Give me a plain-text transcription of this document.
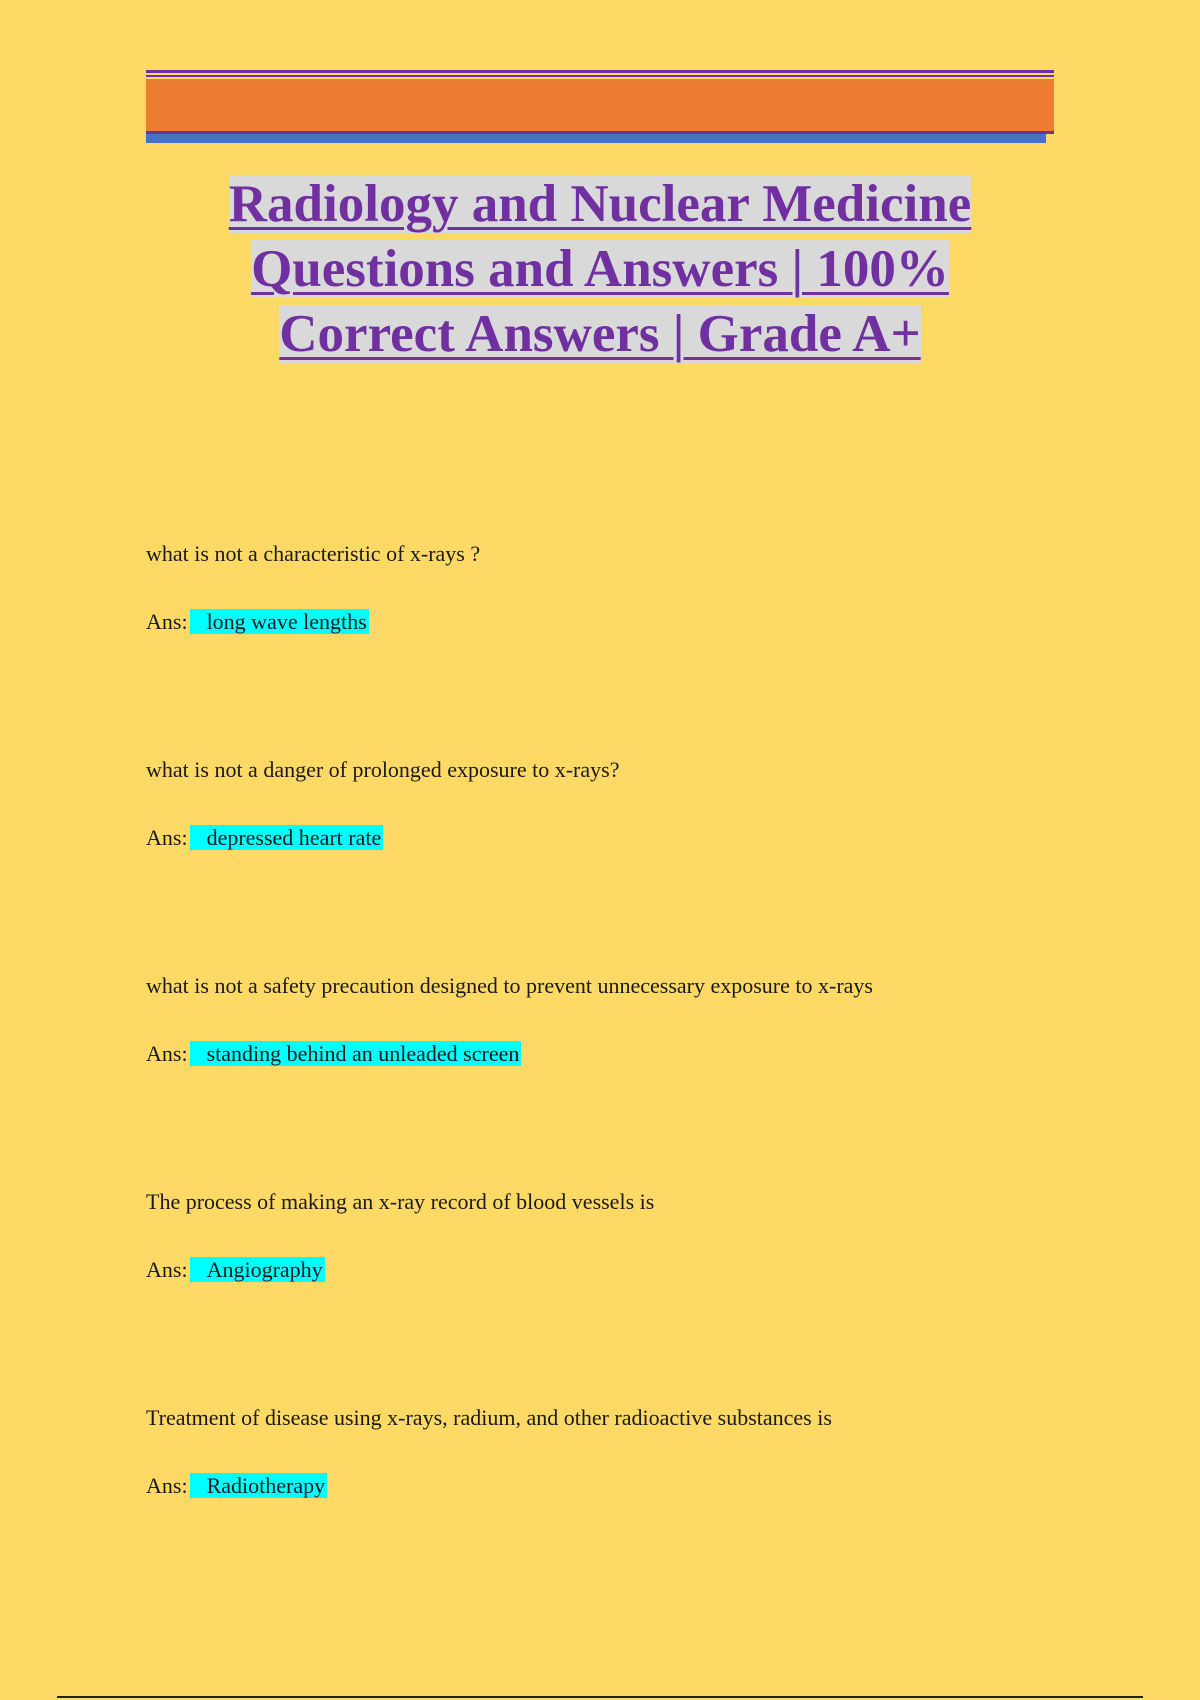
Radiology and Nuclear Medicine
Questions and Answers | 100%
Correct Answers | Grade A+

what is not a characteristic of x-rays ?

Ans: long wave lengths

what is not a danger of prolonged exposure to x-rays?

Ans: depressed heart rate

what is not a safety precaution designed to prevent unnecessary exposure to x-rays

Ans: standing behind an unleaded screen

The process of making an x-ray record of blood vessels is

Ans: Angiography

Treatment of disease using x-rays, radium, and other radioactive substances is

Ans: Radiotherapy
